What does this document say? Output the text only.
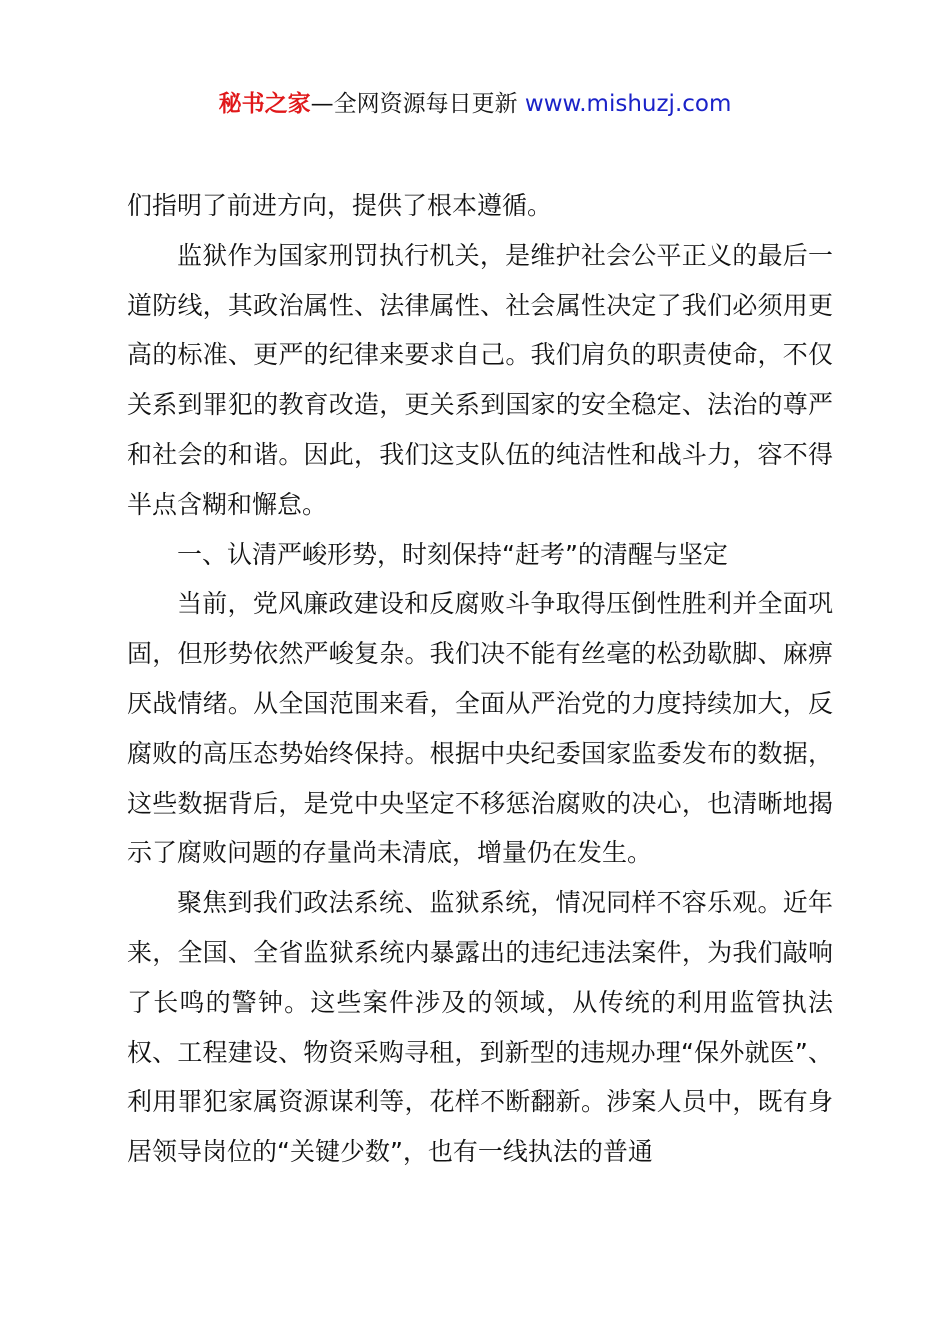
秘书之家—全网资源每日更新 www.mishuzj.com

们指明了前进方向，提供了根本遵循。

监狱作为国家刑罚执行机关，是维护社会公平正义的最后一道防线，其政治属性、法律属性、社会属性决定了我们必须用更高的标准、更严的纪律来要求自己。我们肩负的职责使命，不仅关系到罪犯的教育改造，更关系到国家的安全稳定、法治的尊严和社会的和谐。因此，我们这支队伍的纯洁性和战斗力，容不得半点含糊和懈怠。

一、认清严峻形势，时刻保持“赶考”的清醒与坚定

当前，党风廉政建设和反腐败斗争取得压倒性胜利并全面巩固，但形势依然严峻复杂。我们决不能有丝毫的松劲歇脚、麻痹厌战情绪。从全国范围来看，全面从严治党的力度持续加大，反腐败的高压态势始终保持。根据中央纪委国家监委发布的数据，这些数据背后，是党中央坚定不移惩治腐败的决心，也清晰地揭示了腐败问题的存量尚未清底，增量仍在发生。

聚焦到我们政法系统、监狱系统，情况同样不容乐观。近年来，全国、全省监狱系统内暴露出的违纪违法案件，为我们敲响了长鸣的警钟。这些案件涉及的领域，从传统的利用监管执法权、工程建设、物资采购寻租，到新型的违规办理“保外就医”、利用罪犯家属资源谋利等，花样不断翻新。涉案人员中，既有身居领导岗位的“关键少数”，也有一线执法的普通
